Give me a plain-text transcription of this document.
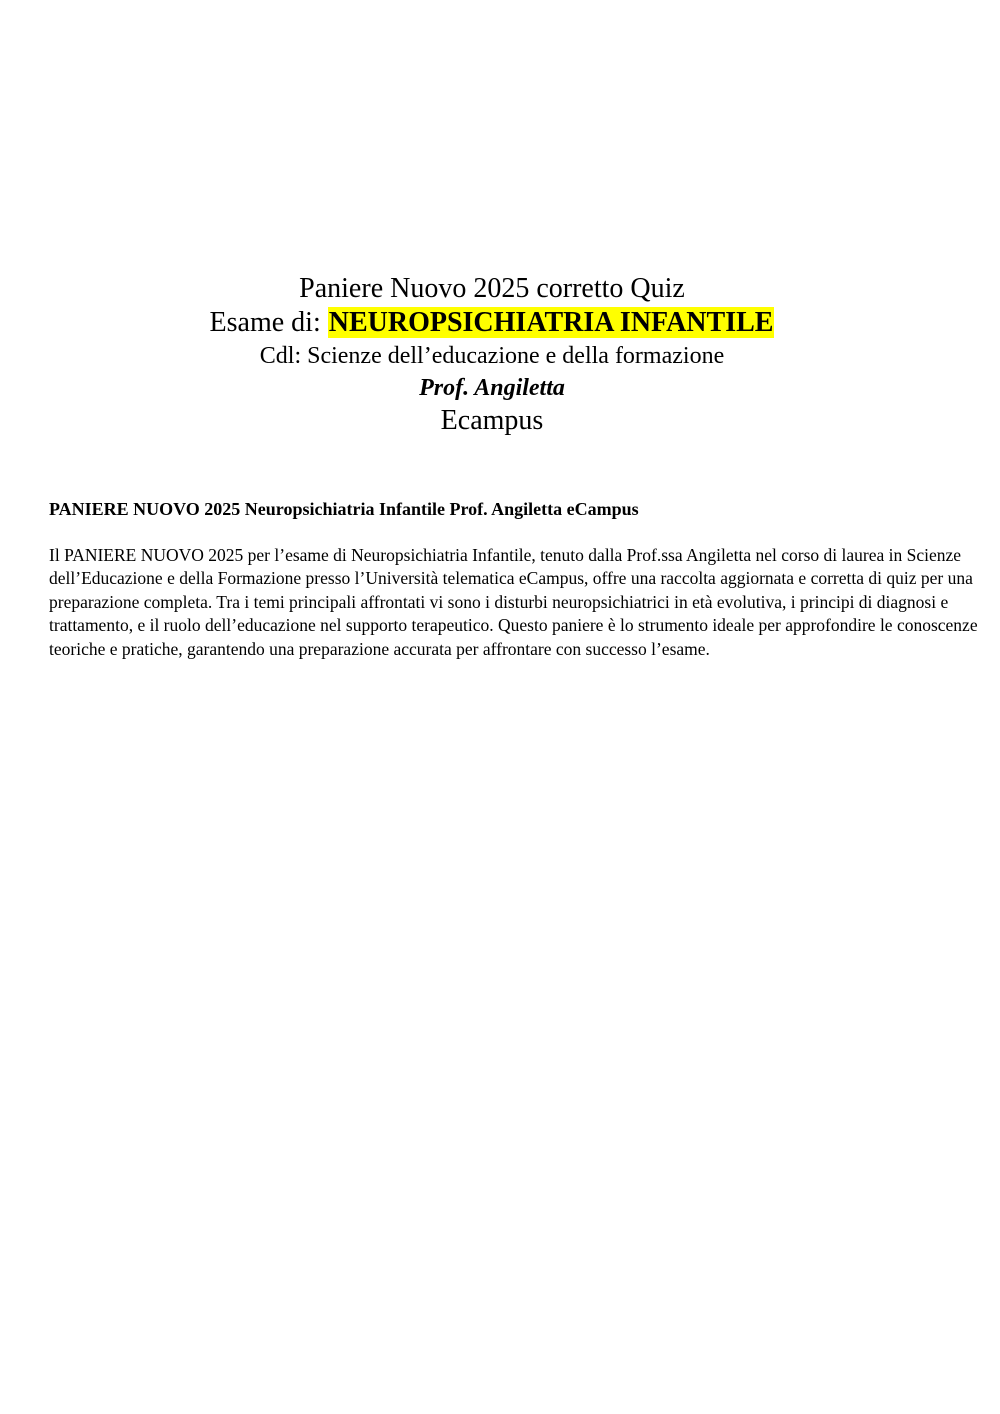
Paniere Nuovo 2025 corretto Quiz

Esame di: NEUROPSICHIATRIA INFANTILE

Cdl: Scienze dell’educazione e della formazione

Prof. Angiletta

Ecampus

PANIERE NUOVO 2025 Neuropsichiatria Infantile Prof. Angiletta eCampus

Il PANIERE NUOVO 2025 per l’esame di Neuropsichiatria Infantile, tenuto dalla Prof.ssa Angiletta nel corso di laurea in Scienze dell’Educazione e della Formazione presso l’Università telematica eCampus, offre una raccolta aggiornata e corretta di quiz per una preparazione completa. Tra i temi principali affrontati vi sono i disturbi neuropsichiatrici in età evolutiva, i principi di diagnosi e trattamento, e il ruolo dell’educazione nel supporto terapeutico. Questo paniere è lo strumento ideale per approfondire le conoscenze teoriche e pratiche, garantendo una preparazione accurata per affrontare con successo l’esame.
